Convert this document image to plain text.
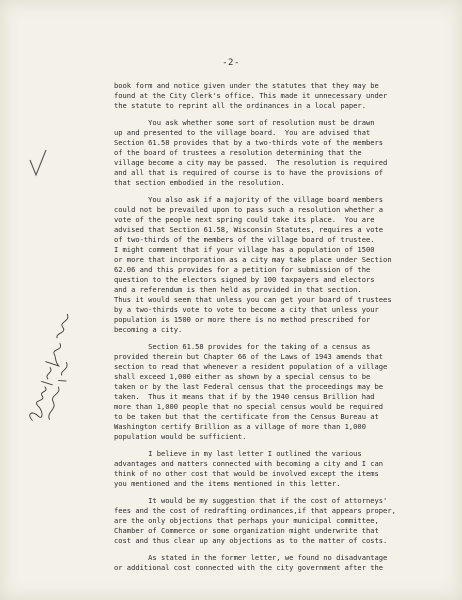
-2-
book form and notice given under the statutes that they may be
found at the City Clerk's office. This made it unnecessary under
the statute to reprint all the ordinances in a local paper.
You ask whether some sort of resolution must be drawn
up and presented to the village board.  You are advised that
Section 61.58 provides that by a two-thirds vote of the members
of the board of trustees a resolution determining that the
village become a city may be passed.  The resolution is required
and all that is required of course is to have the provisions of
that section embodied in the resolution.
You also ask if a majority of the village board members
could not be prevailed upon to pass such a resolution whether a
vote of the people next spring could take its place.  You are
advised that Section 61.58, Wisconsin Statutes, requires a vote
of two-thirds of the members of the village board of trustee.
I might comment that if your village has a population of 1500
or more that incorporation as a city may take place under Section
62.06 and this provides for a petition for submission of the
question to the electors signed by 100 taxpayers and electors
and a referendum is then held as provided in that section.
Thus it would seem that unless you can get your board of trustees
by a two-thirds vote to vote to become a city that unless your
population is 1500 or more there is no method prescribed for
becoming a city.
Section 61.58 provides for the taking of a census as
provided therein but Chapter 66 of the Laws of 1943 amends that
section to read that whenever a resident population of a village
shall exceed 1,000 either as shown by a special census to be
taken or by the last Federal census that the proceedings may be
taken.  Thus it means that if by the 1940 census Brillion had
more than 1,000 people that no special census would be required
to be taken but that the certificate from the Census Bureau at
Washington certify Brillion as a village of more than 1,000
population would be sufficient.
I believe in my last letter I outlined the various
advantages and matters connected with becoming a city and I can
think of no other cost that would be involved except the items
you mentioned and the items mentioned in this letter.
It would be my suggestion that if the cost of attorneys'
fees and the cost of redrafting ordinances,if that appears proper,
are the only objections that perhaps your municipal committee,
Chamber of Commerce or some organization might underwrite that
cost and thus clear up any objections as to the matter of costs.
As stated in the former letter, we found no disadvantage
or additional cost connected with the city government after the
